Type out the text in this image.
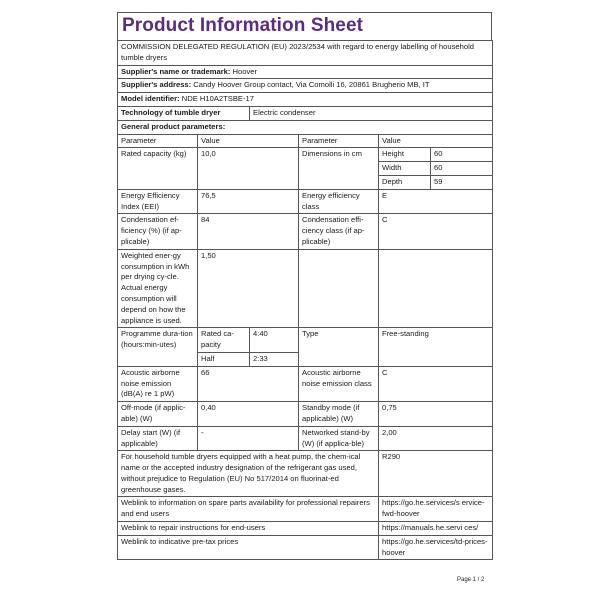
Product Information Sheet
COMMISSION DELEGATED REGULATION (EU) 2023/2534 with regard to energy labelling of household tumble dryers					
Supplier's name or trademark: Hoover					
Supplier's address: Candy Hoover Group contact, Via Comolli 16, 20861 Brugherio MB, IT					
Model identifier: NDE H10A2TSBE-17					
Technology of tumble dryer		Electric condenser			
General product parameters:					
Parameter	Value		Parameter	Value	
Rated capacity (kg)	10,0		Dimensions in cm	Height	60
				Width	60
				Depth	59
Energy Efficiency Index (EEI)	76,5		Energy efficiency class	E	
Condensation ef-ficiency (%) (if ap-plicable)	84		Condensation effi-ciency class (if ap-plicable)	C	
Weighted ener-gy consumption in kWh per drying cy-cle. Actual energy consumption will depend on how the appliance is used.	1,50				
Programme dura-tion (hours:min-utes)	Rated ca-pacity	4:40	Type	Free-standing	
	Half	2:33			
Acoustic airborne noise emission (dB(A) re 1 pW)	66		Acoustic airborne noise emission class	C	
Off-mode (if applic-able) (W)	0,40		Standby mode (if applicable) (W)	0,75	
Delay start (W) (if applicable)	-		Networked stand-by (W) (if applica-ble)	2,00	
For household tumble dryers equipped with a heat pump, the chem-ical name or the accepted industry designation of the refrigerant gas used, without prejudice to Regulation (EU) No 517/2014 on fluorinat-ed greenhouse gases.				R290	
Weblink to information on spare parts availability for professional repairers and end users				https://go.he.services/s ervice-fwd-hoover	
Weblink to repair instructions for end-users				https://manuals.he.servi ces/	
Weblink to indicative pre-tax prices				https://go.he.services/td-prices-hoover	
Page 1 / 2
